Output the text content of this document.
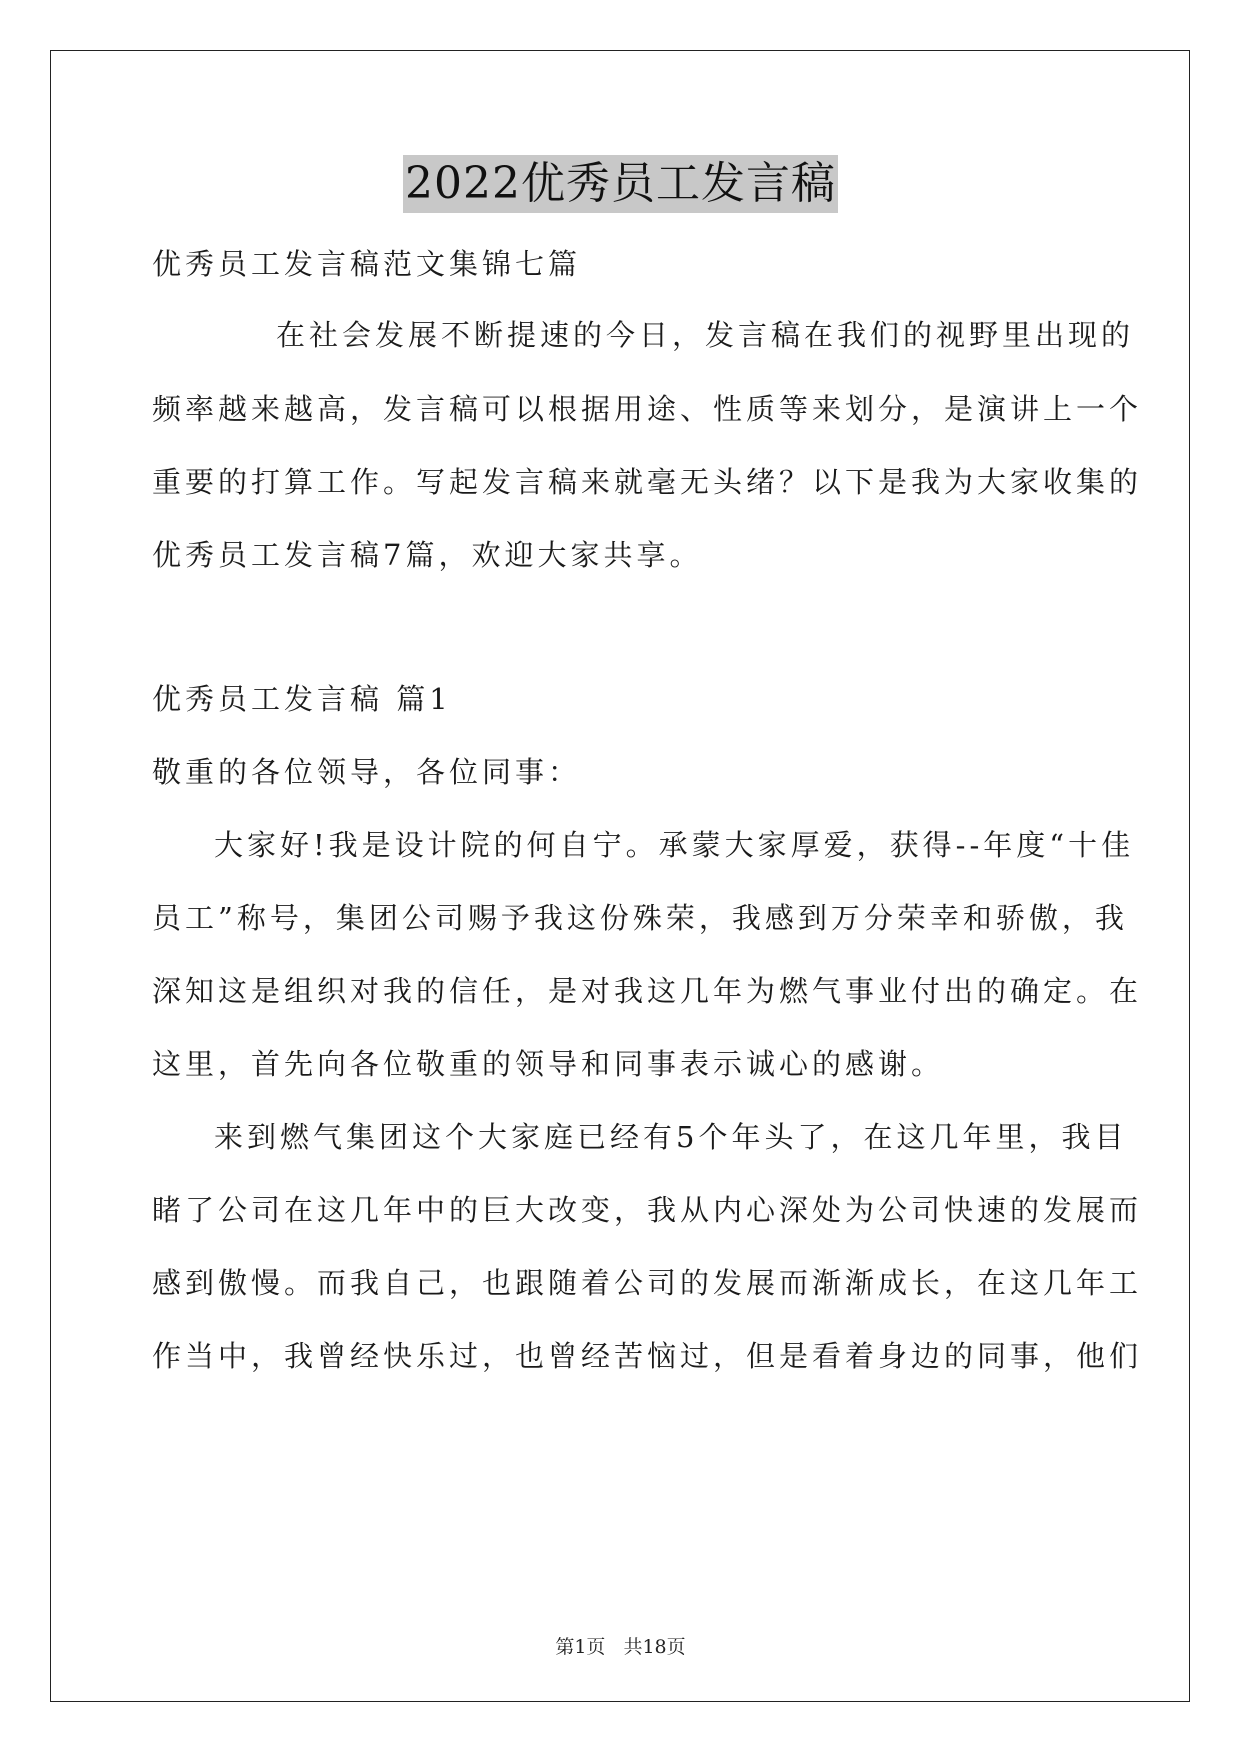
2022优秀员工发言稿
优秀员工发言稿范文集锦七篇
在社会发展不断提速的今日，发言稿在我们的视野里出现的
频率越来越高，发言稿可以根据用途、性质等来划分，是演讲上一个
重要的打算工作。写起发言稿来就毫无头绪？以下是我为大家收集的
优秀员工发言稿7篇，欢迎大家共享。
优秀员工发言稿 篇1
敬重的各位领导，各位同事：
大家好!我是设计院的何自宁。承蒙大家厚爱，获得--年度“十佳
员工”称号，集团公司赐予我这份殊荣，我感到万分荣幸和骄傲，我
深知这是组织对我的信任，是对我这几年为燃气事业付出的确定。在
这里，首先向各位敬重的领导和同事表示诚心的感谢。
来到燃气集团这个大家庭已经有5个年头了，在这几年里，我目
睹了公司在这几年中的巨大改变，我从内心深处为公司快速的发展而
感到傲慢。而我自己，也跟随着公司的发展而渐渐成长，在这几年工
作当中，我曾经快乐过，也曾经苦恼过，但是看着身边的同事，他们
第1页 共18页
